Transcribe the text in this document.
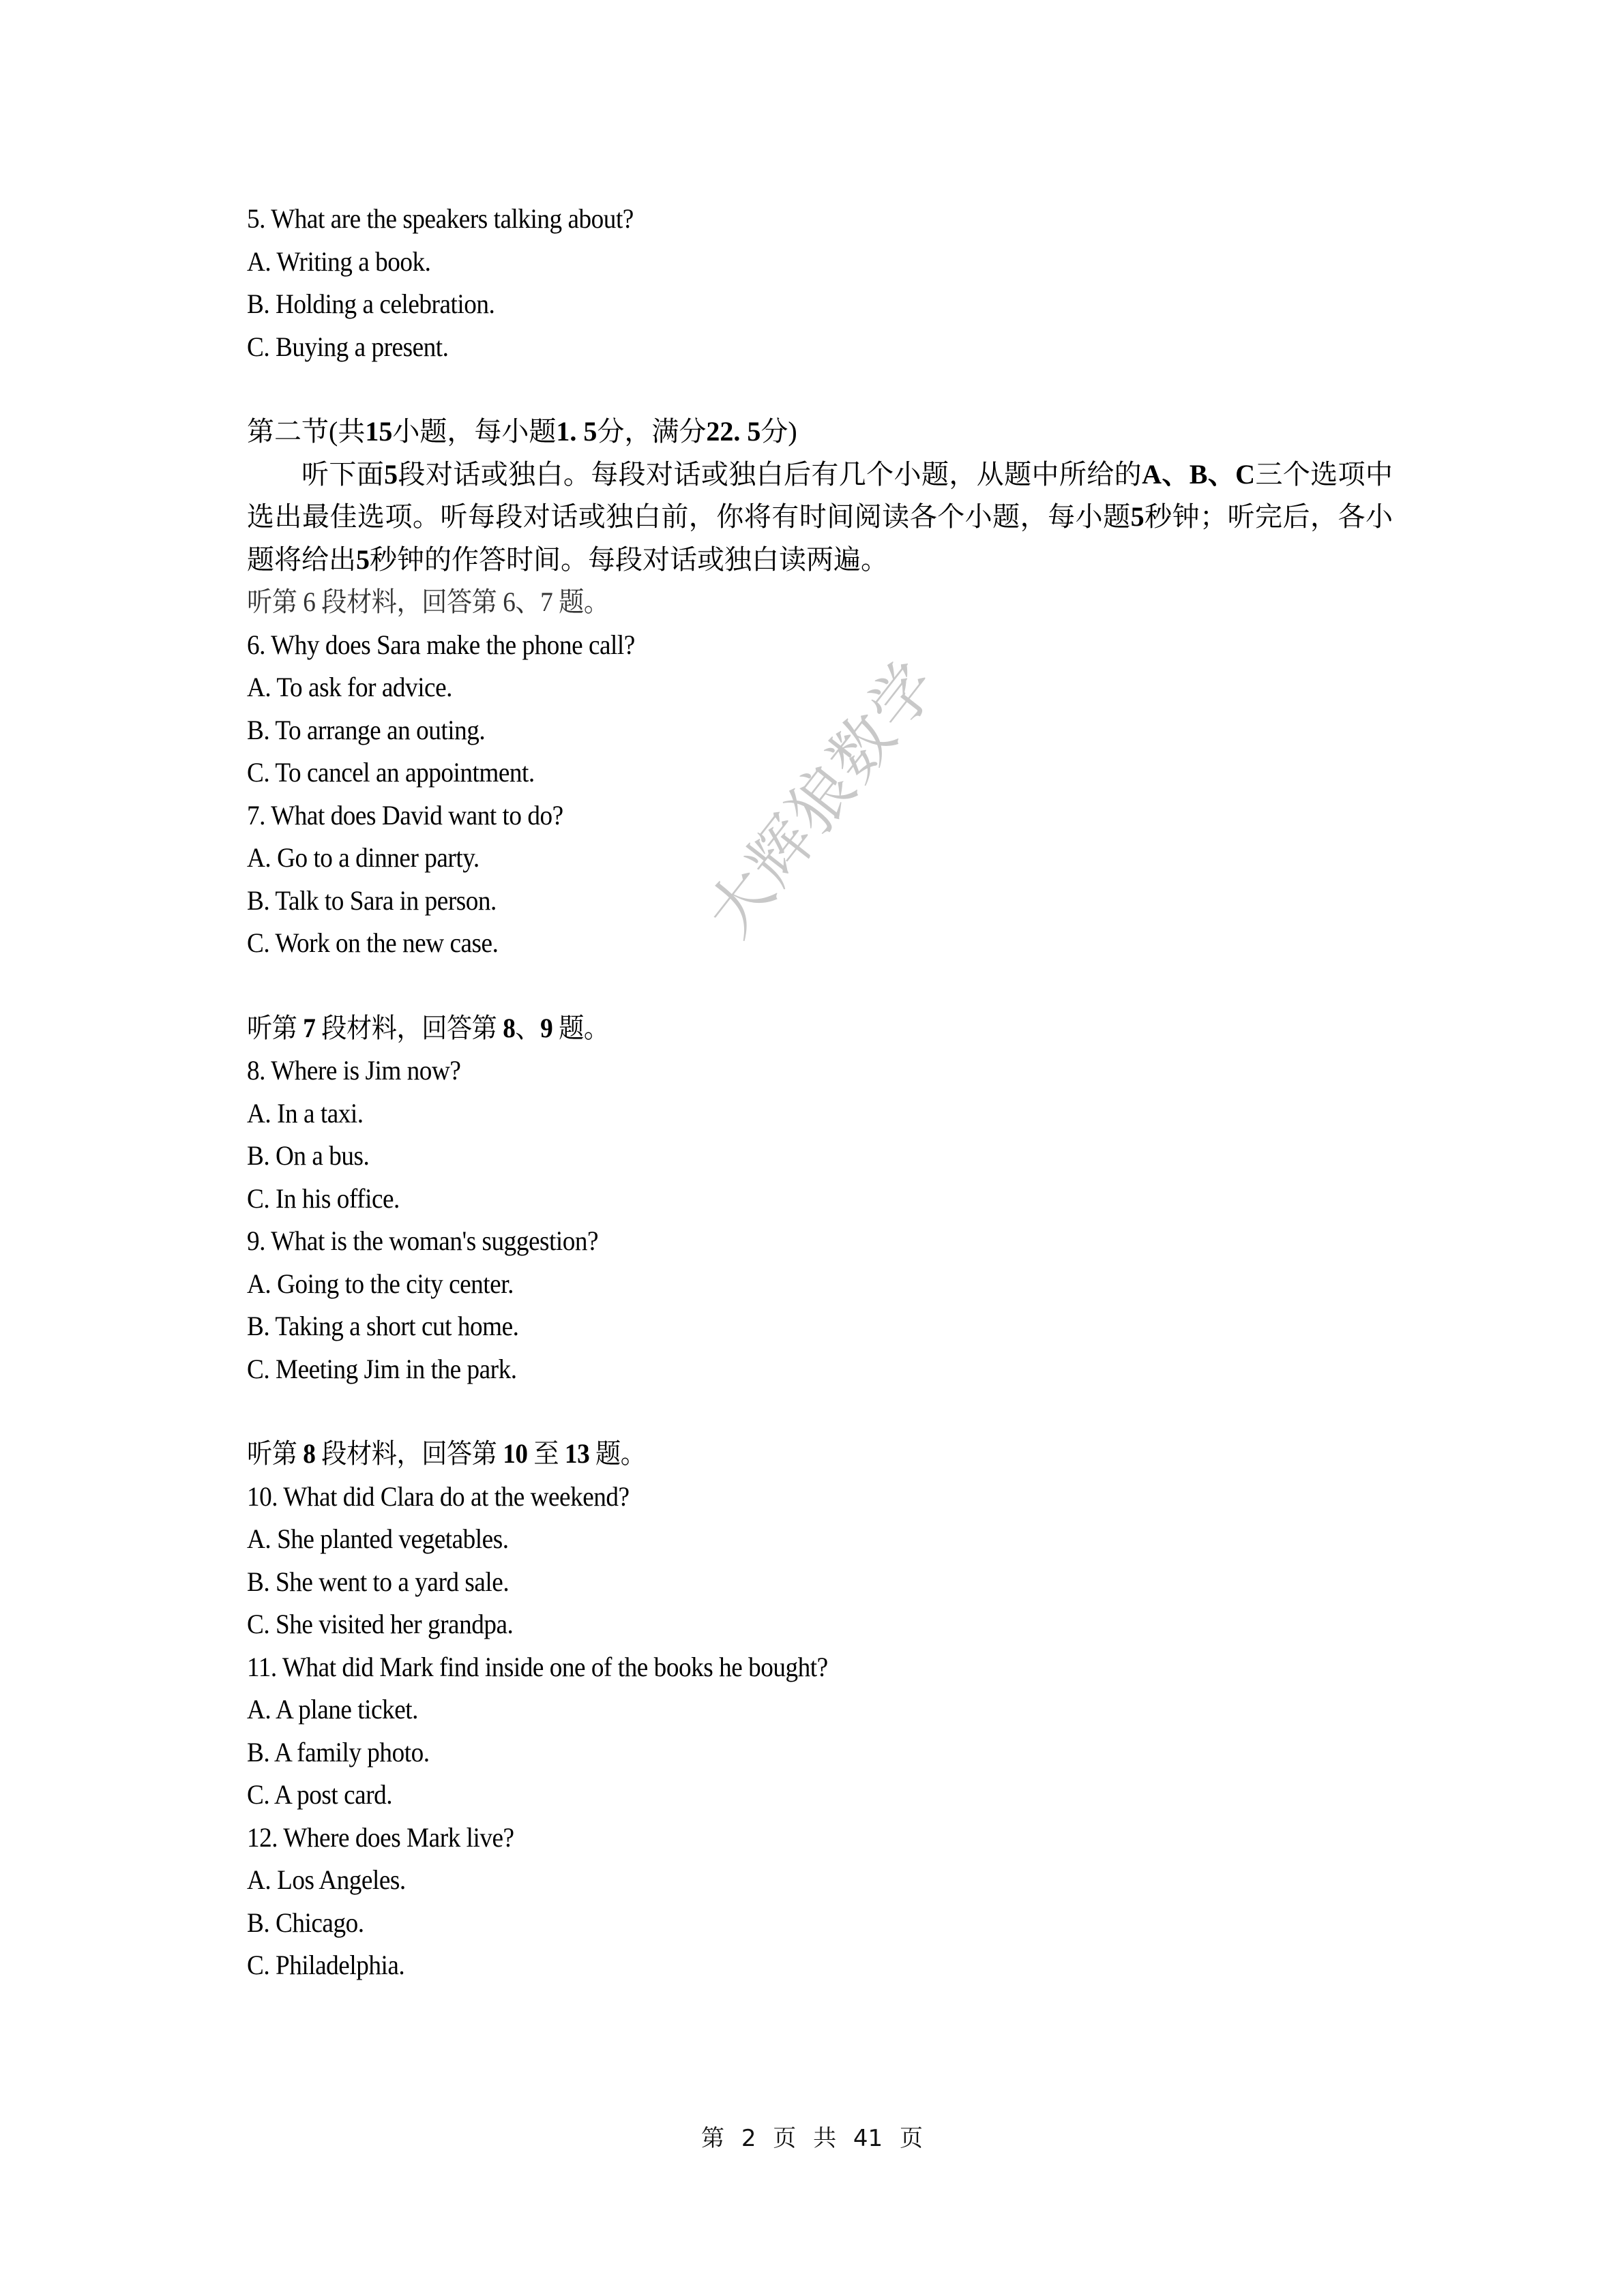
大辉狼数学
5. What are the speakers talking about?
A. Writing a book.
B. Holding a celebration.
C. Buying a present.
第二节(共15小题，每小题1. 5分，满分22. 5分)
听下面5段对话或独白。每段对话或独白后有几个小题，从题中所给的A、B、C三个选项中选出最佳选项。听每段对话或独白前，你将有时间阅读各个小题，每小题5秒钟；听完后，各小题将给出5秒钟的作答时间。每段对话或独白读两遍。
听第 6 段材料，回答第 6、7 题。
6. Why does Sara make the phone call?
A. To ask for advice.
B. To arrange an outing.
C. To cancel an appointment.
7. What does David want to do?
A. Go to a dinner party.
B. Talk to Sara in person.
C. Work on the new case.
听第 7 段材料，回答第 8、9 题。
8. Where is Jim now?
A. In a taxi.
B. On a bus.
C. In his office.
9. What is the woman's suggestion?
A. Going to the city center.
B. Taking a short cut home.
C. Meeting Jim in the park.
听第 8 段材料，回答第 10 至 13 题。
10. What did Clara do at the weekend?
A. She planted vegetables.
B. She went to a yard sale.
C. She visited her grandpa.
11. What did Mark find inside one of the books he bought?
A. A plane ticket.
B. A family photo.
C. A post card.
12. Where does Mark live?
A. Los Angeles.
B. Chicago.
C. Philadelphia.
第 2 页 共 41 页
